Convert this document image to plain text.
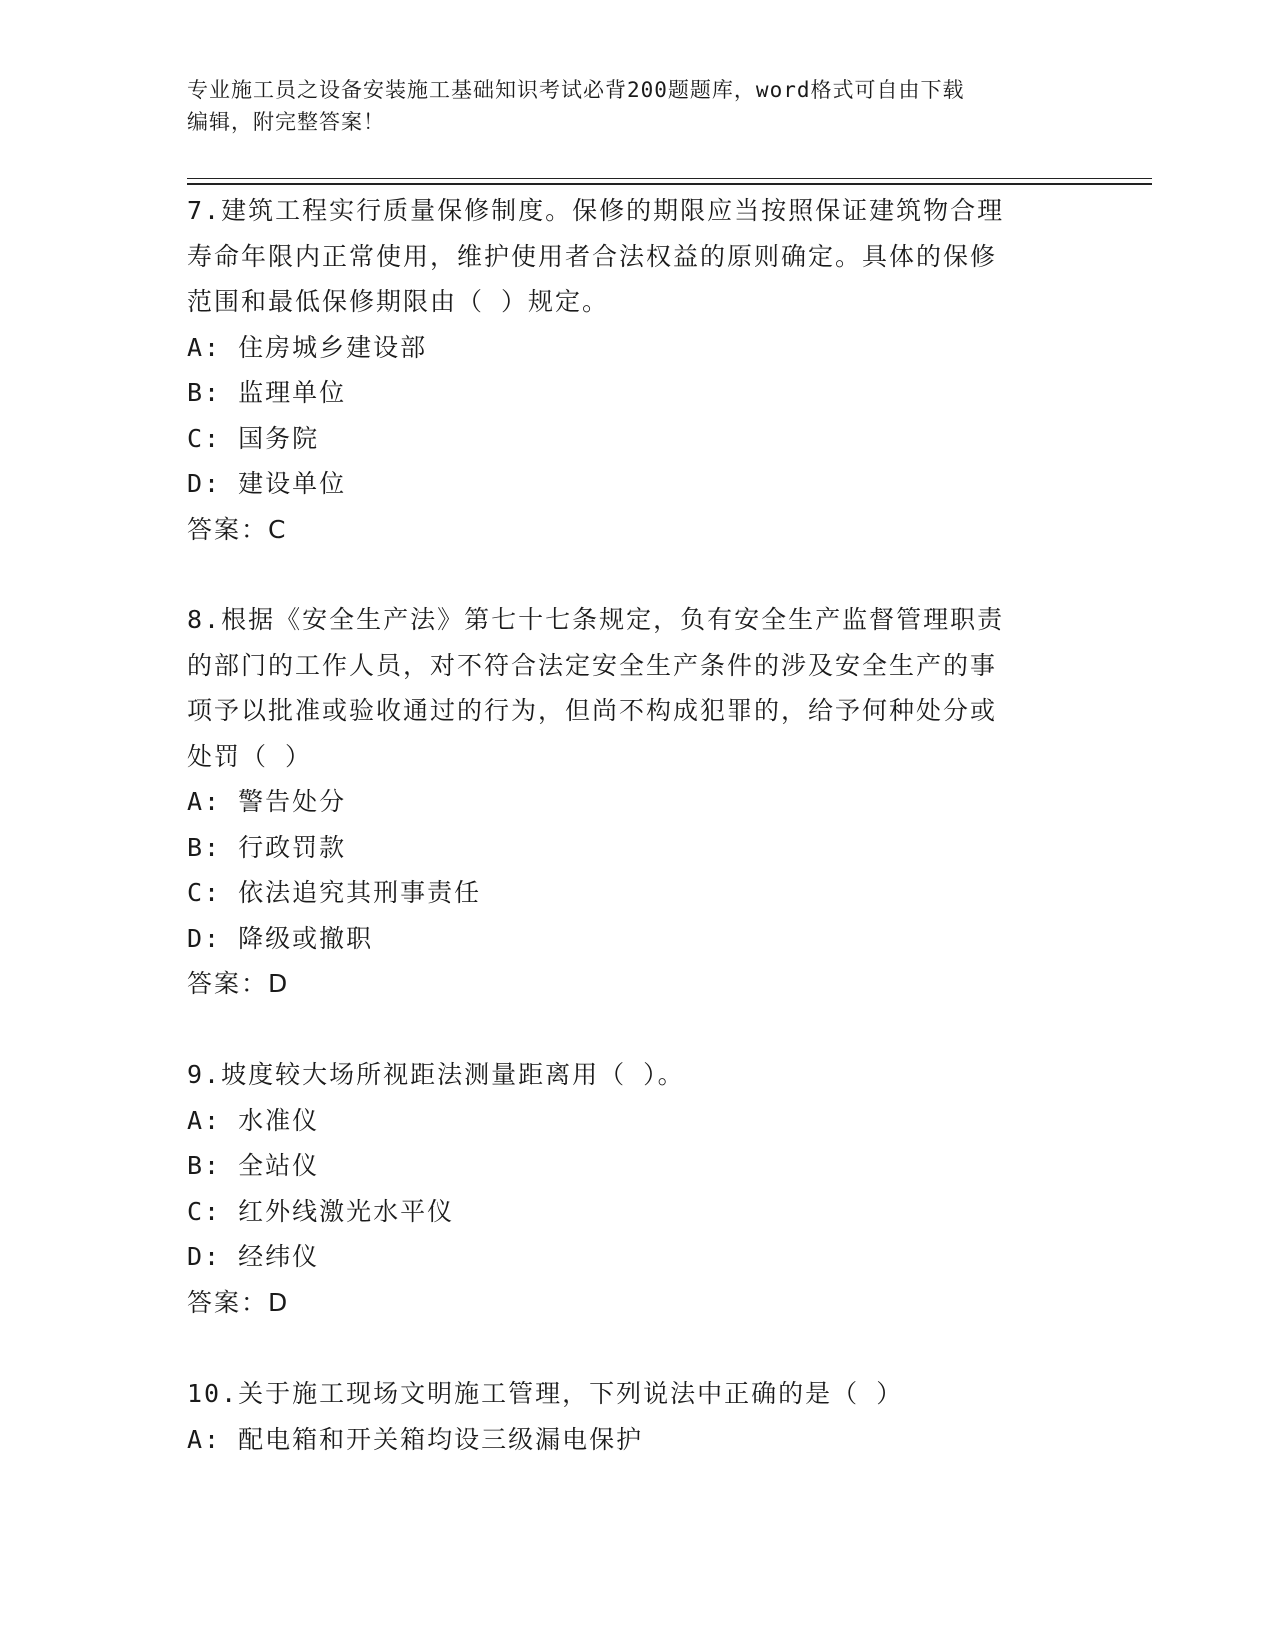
专业施工员之设备安装施工基础知识考试必背200题题库，word格式可自由下载
编辑，附完整答案！
7.建筑工程实行质量保修制度。保修的期限应当按照保证建筑物合理
寿命年限内正常使用，维护使用者合法权益的原则确定。具体的保修
范围和最低保修期限由（ ）规定。
A: 住房城乡建设部
B: 监理单位
C: 国务院
D: 建设单位
答案：C
8.根据《安全生产法》第七十七条规定，负有安全生产监督管理职责
的部门的工作人员，对不符合法定安全生产条件的涉及安全生产的事
项予以批准或验收通过的行为，但尚不构成犯罪的，给予何种处分或
处罚（ ）
A: 警告处分
B: 行政罚款
C: 依法追究其刑事责任
D: 降级或撤职
答案：D
9.坡度较大场所视距法测量距离用（ ）。
A: 水准仪
B: 全站仪
C: 红外线激光水平仪
D: 经纬仪
答案：D
10.关于施工现场文明施工管理，下列说法中正确的是（ ）
A: 配电箱和开关箱均设三级漏电保护
